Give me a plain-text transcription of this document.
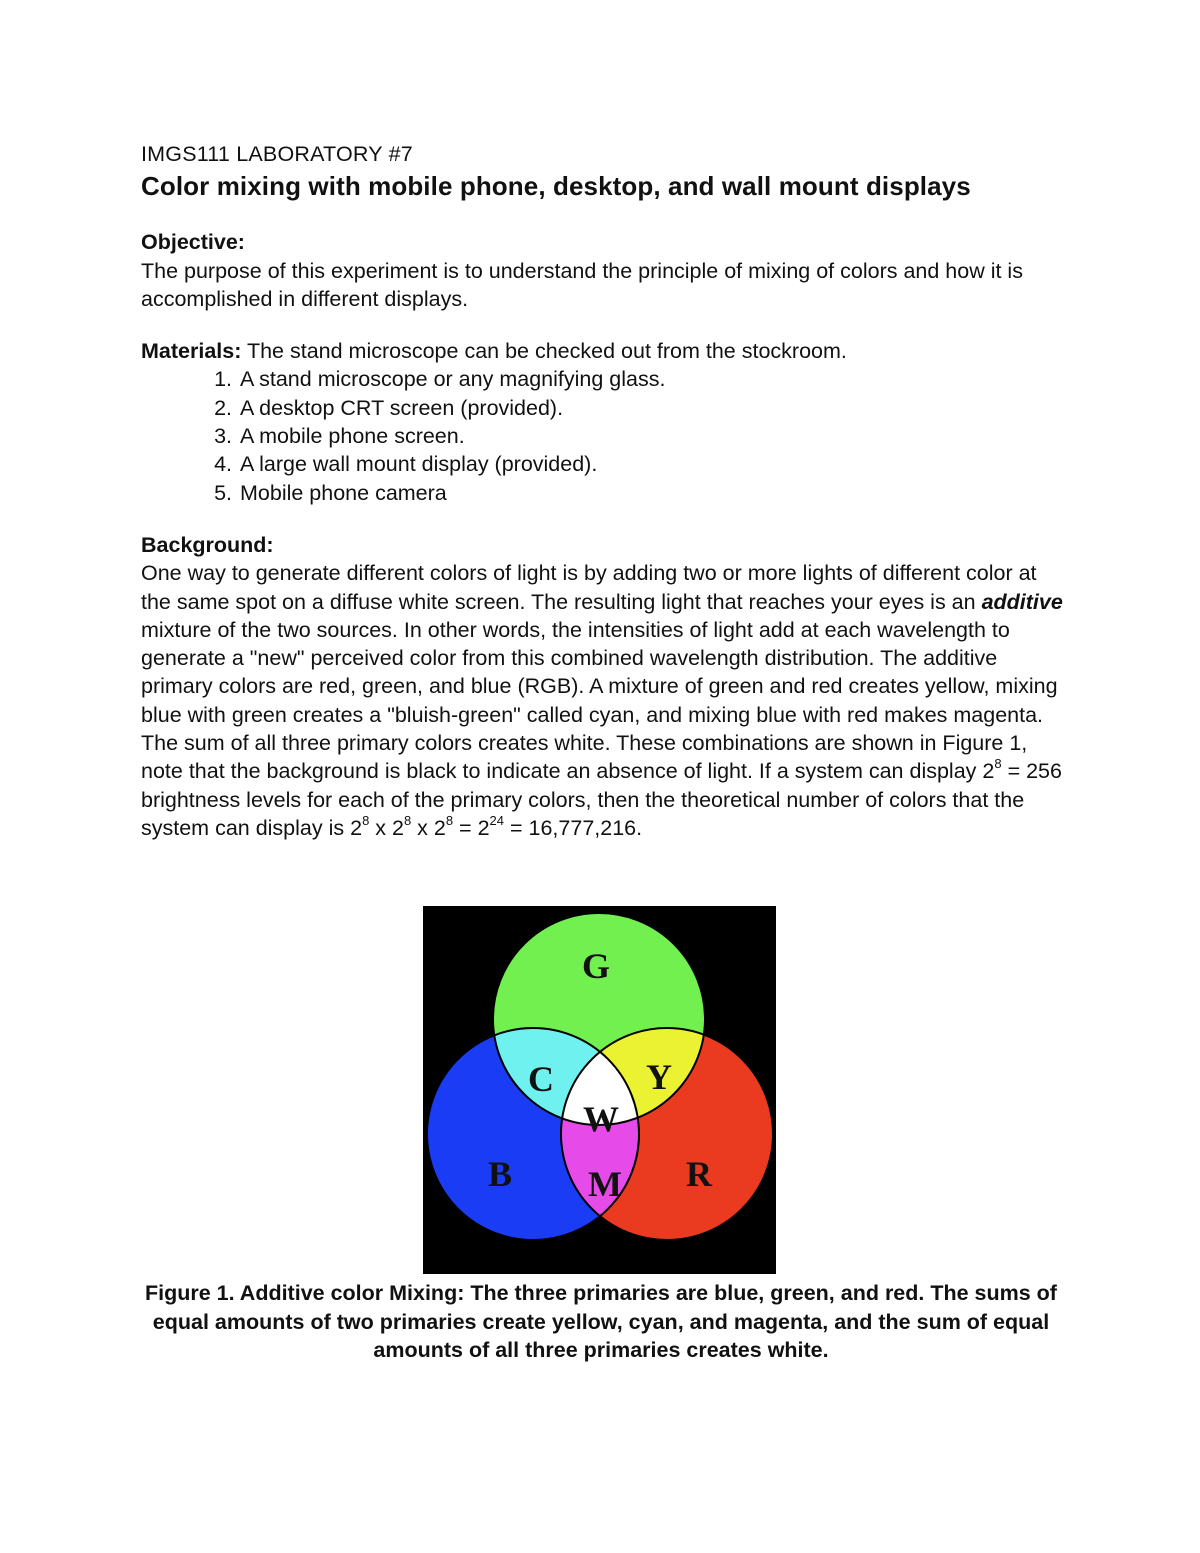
IMGS111 LABORATORY #7

Color mixing with mobile phone, desktop, and wall mount displays

Objective:

The purpose of this experiment is to understand the principle of mixing of colors and how it is accomplished in different displays.

Materials: The stand microscope can be checked out from the stockroom.

1. A stand microscope or any magnifying glass.
2. A desktop CRT screen (provided).
3. A mobile phone screen.
4. A large wall mount display (provided).
5. Mobile phone camera
Background:

One way to generate different colors of light is by adding two or more lights of different color at the same spot on a diffuse white screen. The resulting light that reaches your eyes is an additive mixture of the two sources. In other words, the intensities of light add at each wavelength to generate a "new" perceived color from this combined wavelength distribution. The additive primary colors are red, green, and blue (RGB). A mixture of green and red creates yellow, mixing blue with green creates a "bluish-green" called cyan, and mixing blue with red makes magenta. The sum of all three primary colors creates white. These combinations are shown in Figure 1, note that the background is black to indicate an absence of light. If a system can display $2^8 = 256$ brightness levels for each of the primary colors, then the theoretical number of colors that the system can display is $2^8$ x $2^8$ x $2^8 = 2^{24} = 16,777,216$.

G
C	Y
W
B M R
Figure 1. Additive color Mixing: The three primaries are blue, green, and red. The sums of equal amounts of two primaries create yellow, cyan, and magenta, and the sum of equal amounts of all three primaries creates white.
